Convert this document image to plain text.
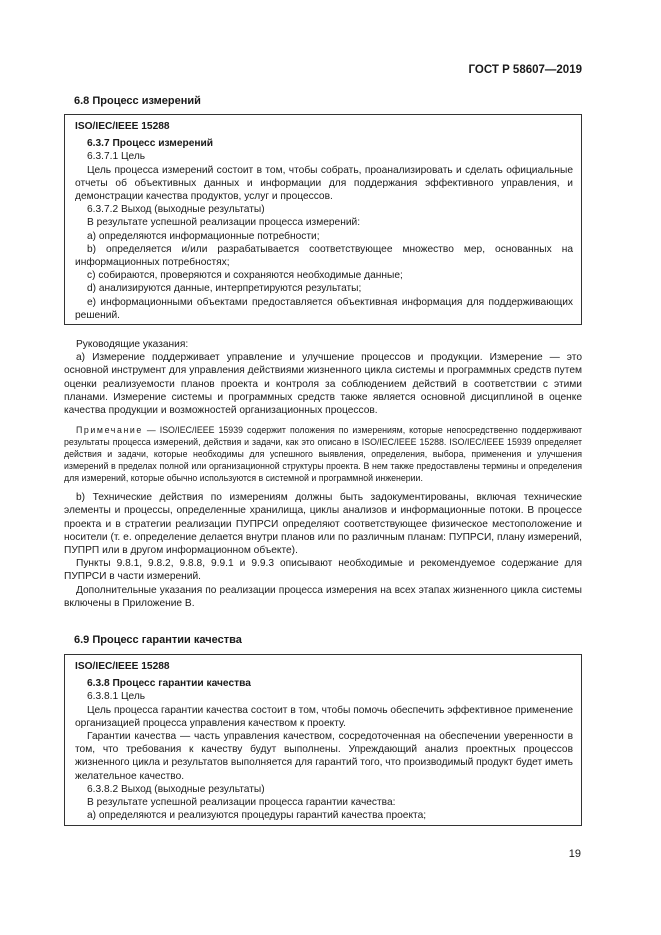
ГОСТ Р 58607—2019
6.8 Процесс измерений
ISO/IEC/IEEE 15288

6.3.7 Процесс измерений

6.3.7.1 Цель

Цель процесса измерений состоит в том, чтобы собрать, проанализировать и сделать официальные отчеты об объективных данных и информации для поддержания эффективного управления, и демонстрации качества продуктов, услуг и процессов.

6.3.7.2 Выход (выходные результаты)

В результате успешной реализации процесса измерений:

a) определяются информационные потребности;

b) определяется и/или разрабатывается соответствующее множество мер, основанных на информационных потребностях;

c) собираются, проверяются и сохраняются необходимые данные;

d) анализируются данные, интерпретируются результаты;

e) информационными объектами предоставляется объективная информация для поддерживающих решений.

Руководящие указания:

а) Измерение поддерживает управление и улучшение процессов и продукции. Измерение — это основной инструмент для управления действиями жизненного цикла системы и программных средств путем оценки реализуемости планов проекта и контроля за соблюдением действий в соответствии с этими планами. Измерение системы и программных средств также является основной дисциплиной в оценке качества продукции и возможностей организационных процессов.

Примечание — ISO/IEC/IEEE 15939 содержит положения по измерениям, которые непосредственно поддерживают результаты процесса измерений, действия и задачи, как это описано в ISO/IEC/IEEE 15288. ISO/IEC/IEEE 15939 определяет действия и задачи, которые необходимы для успешного выявления, определения, выбора, применения и улучшения измерений в пределах полной или организационной структуры проекта. В нем также предоставлены термины и определения для измерений, которые обычно используются в системной и программной инженерии.

b) Технические действия по измерениям должны быть задокументированы, включая технические элементы и процессы, определенные хранилища, циклы анализов и информационные потоки. В процессе проекта и в стратегии реализации ПУПРСИ определяют соответствующее физическое местоположение и носители (т. е. определение делается внутри планов или по различным планам: ПУПРСИ, плану измерений, ПУПРП или в другом информационном объекте).

Пункты 9.8.1, 9.8.2, 9.8.8, 9.9.1 и 9.9.3 описывают необходимые и рекомендуемое содержание для ПУПРСИ в части измерений.

Дополнительные указания по реализации процесса измерения на всех этапах жизненного цикла системы включены в Приложение В.

6.9 Процесс гарантии качества
ISO/IEC/IEEE 15288

6.3.8 Процесс гарантии качества

6.3.8.1 Цель

Цель процесса гарантии качества состоит в том, чтобы помочь обеспечить эффективное применение организацией процесса управления качеством к проекту.

Гарантии качества — часть управления качеством, сосредоточенная на обеспечении уверенности в том, что требования к качеству будут выполнены. Упреждающий анализ проектных процессов жизненного цикла и результатов выполняется для гарантий того, что производимый продукт будет иметь желательное качество.

6.3.8.2 Выход (выходные результаты)

В результате успешной реализации процесса гарантии качества:

а) определяются и реализуются процедуры гарантий качества проекта;

19
